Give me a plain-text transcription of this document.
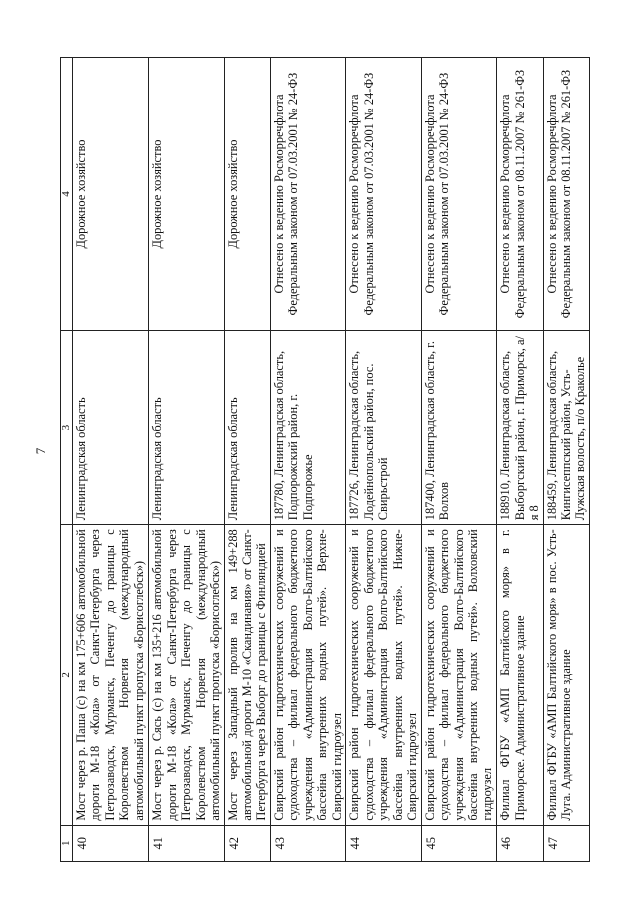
7
1	2	3	4
40	Мост через р. Паша (с) на км 175+606 автомобильной дороги М-18 «Кола» от Санкт-Петербурга через Петрозаводск, Мурманск, Печенгу до границы с Королевством Норвегия (международный автомобильный пункт пропуска «Борисоглебск»)	Ленинградская область	Дорожное хозяйство
41	Мост через р. Сясь (с) на км 135+216 автомобильной дороги М-18 «Кола» от Санкт-Петербурга через Петрозаводск, Мурманск, Печенгу до границы с Королевством Норвегия (международный автомобильный пункт пропуска «Борисоглебск»)	Ленинградская область	Дорожное хозяйство
42	Мост через Западный пролив на км 149+288 автомобильной дороги М-10 «Скандинавия» от Санкт-Петербурга через Выборг до границы с Финляндией	Ленинградская область	Дорожное хозяйство
43	Свирский район гидротехнических сооружений и судоходства – филиал федерального бюджетного учреждения «Администрация Волго-Балтийского бассейна внутренних водных путей». Верхне-Свирский гидроузел	187780, Ленинградская область, Подпорожский район, г. Подпорожье	Отнесено к ведению Росморречфлота Федеральным законом от 07.03.2001 № 24-ФЗ
44	Свирский район гидротехнических сооружений и судоходства – филиал федерального бюджетного учреждения «Администрация Волго-Балтийского бассейна внутренних водных путей». Нижне-Свирский гидроузел	187726, Ленинградская область, Лодейнопольский район, пос. Свирьстрой	Отнесено к ведению Росморречфлота Федеральным законом от 07.03.2001 № 24-ФЗ
45	Свирский район гидротехнических сооружений и судоходства – филиал федерального бюджетного учреждения «Администрация Волго-Балтийского бассейна внутренних водных путей». Волховский гидроузел	187400, Ленинградская область, г. Волхов	Отнесено к ведению Росморречфлота Федеральным законом от 07.03.2001 № 24-ФЗ
46	Филиал ФГБУ «АМП Балтийского моря» в г. Приморске. Административное здание	188910, Ленинградская область, Выборгский район, г. Приморск, а/я 8	Отнесено к ведению Росморречфлота Федеральным законом от 08.11.2007 № 261-ФЗ
47	Филиал ФГБУ «АМП Балтийского моря» в пос. Усть-Луга. Административное здание	188459, Ленинградская область, Кингисеппский район, Усть-Лужская волость, п/о Краколье	Отнесено к ведению Росморречфлота Федеральным законом от 08.11.2007 № 261-ФЗ
